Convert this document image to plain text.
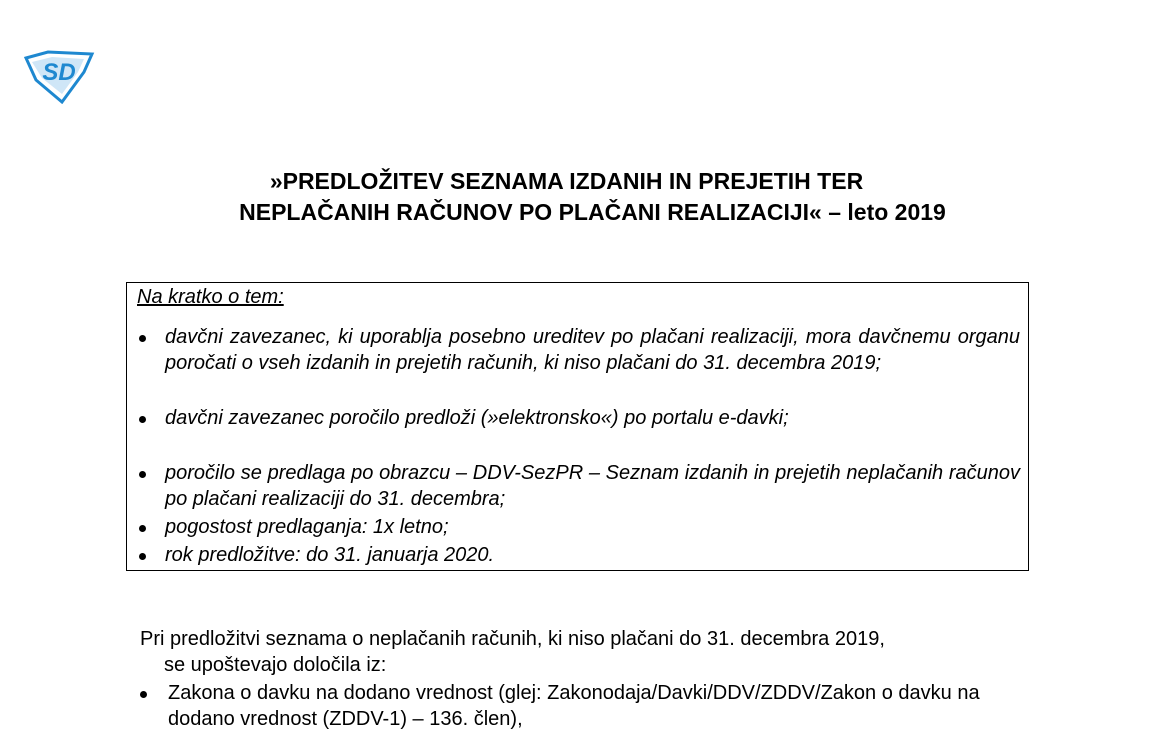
SD
»PREDLOŽITEV SEZNAMA IZDANIH IN PREJETIH TER
NEPLAČANIH RAČUNOV PO PLAČANI REALIZACIJI« – leto 2019
Na kratko o tem:
davčni zavezanec, ki uporablja posebno ureditev po plačani realizaciji, mora davčnemu organu poročati o vseh izdanih in prejetih računih, ki niso plačani do 31. decembra 2019;
davčni zavezanec poročilo predloži (»elektronsko«) po portalu e-davki;
poročilo se predlaga po obrazcu – DDV-SezPR – Seznam izdanih in prejetih neplačanih računov po plačani realizaciji do 31. decembra;
pogostost predlaganja: 1x letno;
rok predložitve: do 31. januarja 2020.
Pri predložitvi seznama o neplačanih računih, ki niso plačani do 31. decembra 2019,
se upoštevajo določila iz:
Zakona o davku na dodano vrednost (glej: Zakonodaja/Davki/DDV/ZDDV/Zakon o davku na dodano vrednost (ZDDV-1) – 136. člen),
